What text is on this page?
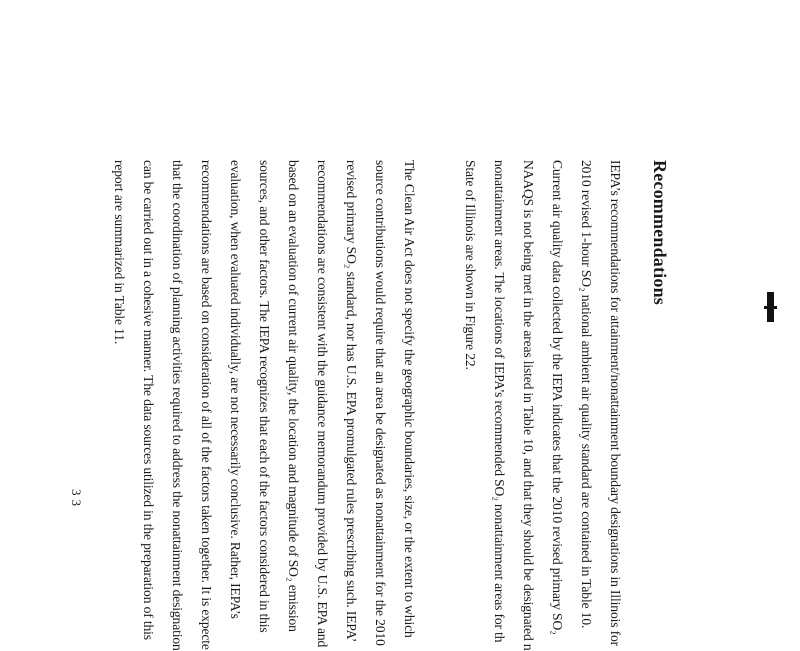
Recommendations
IEPA’s recommendations for attainment/nonattainment boundary designations in Illinois for
2010 revised 1-hour SO₂ national ambient air quality standard are contained in Table 10.
Current air quality data collected by the IEPA indicates that the 2010 revised primary SO₂
NAAQS is not being met in the areas listed in Table 10, and that they should be designated n
nonattainment areas. The locations of IEPA’s recommended SO₂ nonattainment areas for th
State of Illinois are shown in Figure 22.
The Clean Air Act does not specify the geographic boundaries, size, or the extent to which
source contributions would require that an area be designated as nonattainment for the 2010
revised primary SO₂ standard, nor has U.S. EPA promulgated rules prescribing such. IEPA’
recommendations are consistent with the guidance memorandum provided by U.S. EPA and
based on an evaluation of current air quality, the location and magnitude of SO₂ emission
sources, and other factors. The IEPA recognizes that each of the factors considered in this
evaluation, when evaluated individually, are not necessarily conclusive. Rather, IEPA’s
recommendations are based on consideration of all of the factors taken together. It is expecte
that the coordination of planning activities required to address the nonattainment designation
can be carried out in a cohesive manner. The data sources utilized in the preparation of this
report are summarized in Table 11.
33
